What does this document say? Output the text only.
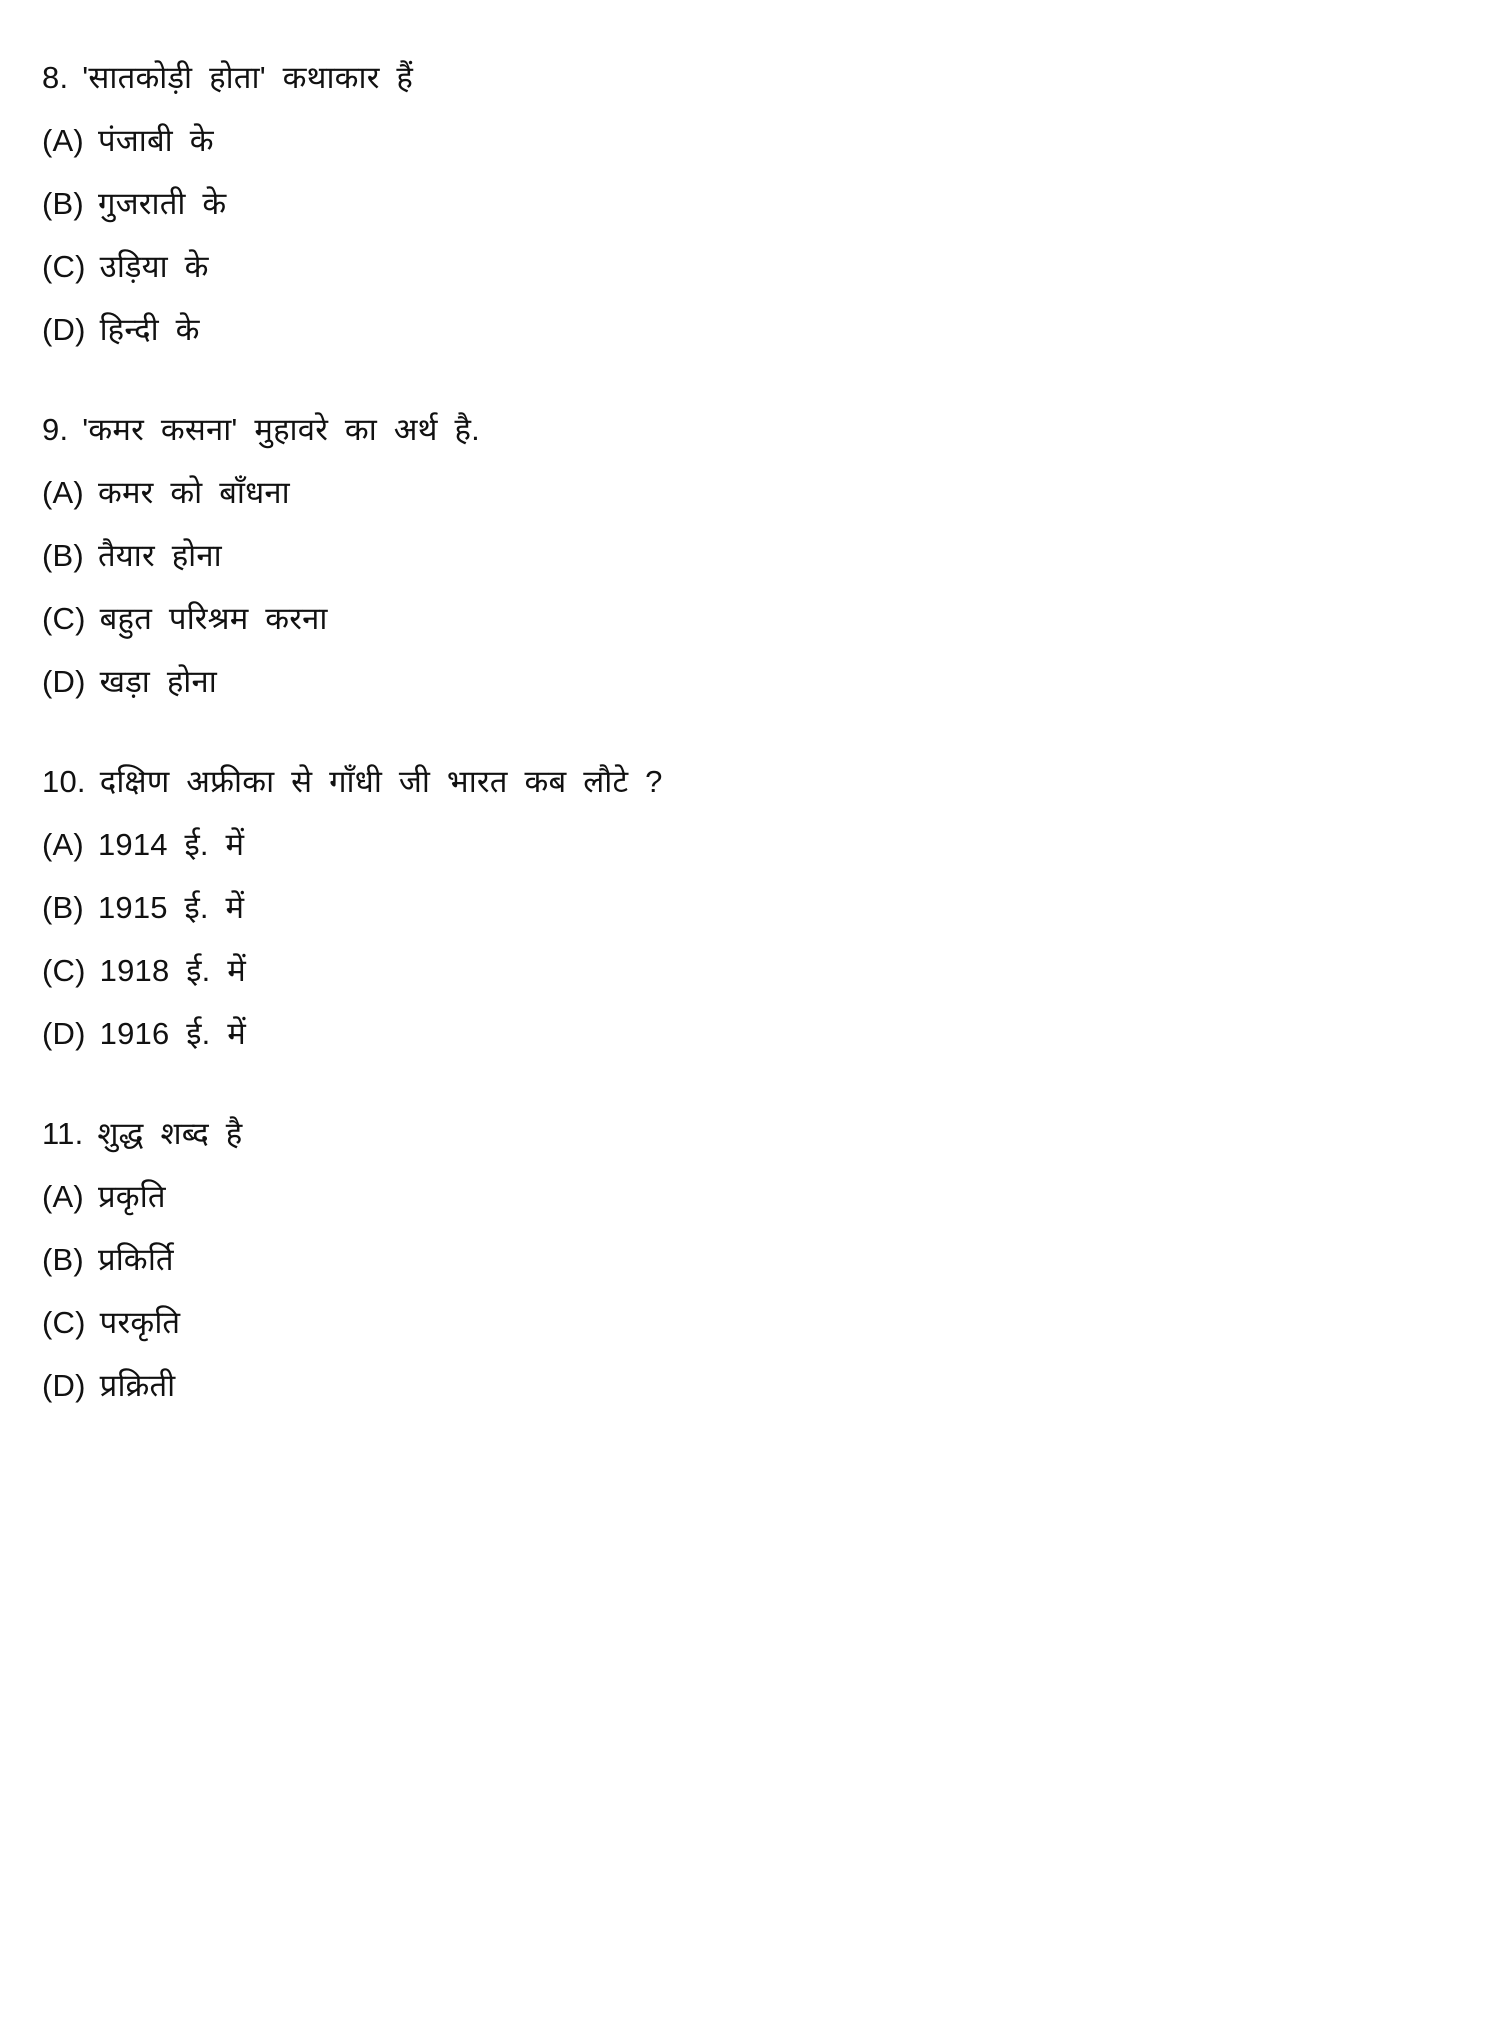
8. 'सातकोड़ी होता' कथाकार हैं

(A) पंजाबी के

(B) गुजराती के

(C) उड़िया के

(D) हिन्दी के

9. 'कमर कसना' मुहावरे का अर्थ है.

(A) कमर को बाँधना

(B) तैयार होना

(C) बहुत परिश्रम करना

(D) खड़ा होना

10. दक्षिण अफ्रीका से गाँधी जी भारत कब लौटे ?

(A) 1914 ई. में

(B) 1915 ई. में

(C) 1918 ई. में

(D) 1916 ई. में

11. शुद्ध शब्द है

(A) प्रकृति

(B) प्रकिर्ति

(C) परकृति

(D) प्रक्रिती
